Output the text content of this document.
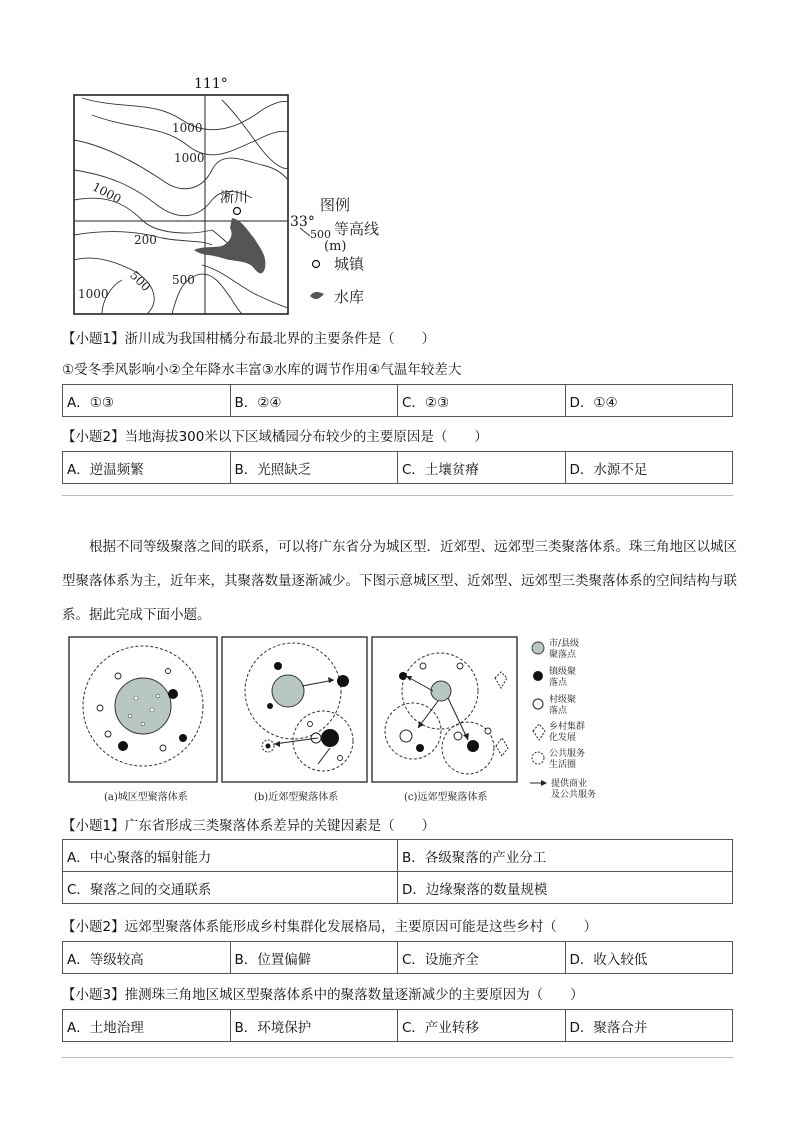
1000
1000
1000
200
500 500
1000
111°
33°
淅川	图例
500 等高线
(m)
城镇
水库
【小题1】浙川成为我国柑橘分布最北界的主要条件是（　　）
①受冬季风影响小②全年降水丰富③水库的调节作用④气温年较差大
A．①③	B．②④	C．②③	D．①④
【小题2】当地海拔300米以下区域橘园分布较少的主要原因是（　　）
A．逆温频繁	B．光照缺乏	C．土壤贫瘠	D．水源不足
根据不同等级聚落之间的联系，可以将广东省分为城区型．近郊型、远郊型三类聚落体系。珠三角地区以城区型聚落体系为主，近年来，其聚落数量逐渐减少。下图示意城区型、近郊型、远郊型三类聚落体系的空间结构与联系。据此完成下面小题。
(a)城区型聚落体系	(b)近郊型聚落体系	(c)远郊型聚落体系
市/县级
聚落点
镇级聚
落点
村级聚
落点
乡村集群
化发展
公共服务
生活圈
提供商业
及公共服务
【小题1】广东省形成三类聚落体系差异的关键因素是（　　）
A．中心聚落的辐射能力	B．各级聚落的产业分工
C．聚落之间的交通联系	D．边缘聚落的数量规模
【小题2】远郊型聚落体系能形成乡村集群化发展格局，主要原因可能是这些乡村（　　）
A．等级较高	B．位置偏僻	C．设施齐全	D．收入较低
【小题3】推测珠三角地区城区型聚落体系中的聚落数量逐渐减少的主要原因为（　　）
A．土地治理	B．环境保护	C．产业转移	D．聚落合并
